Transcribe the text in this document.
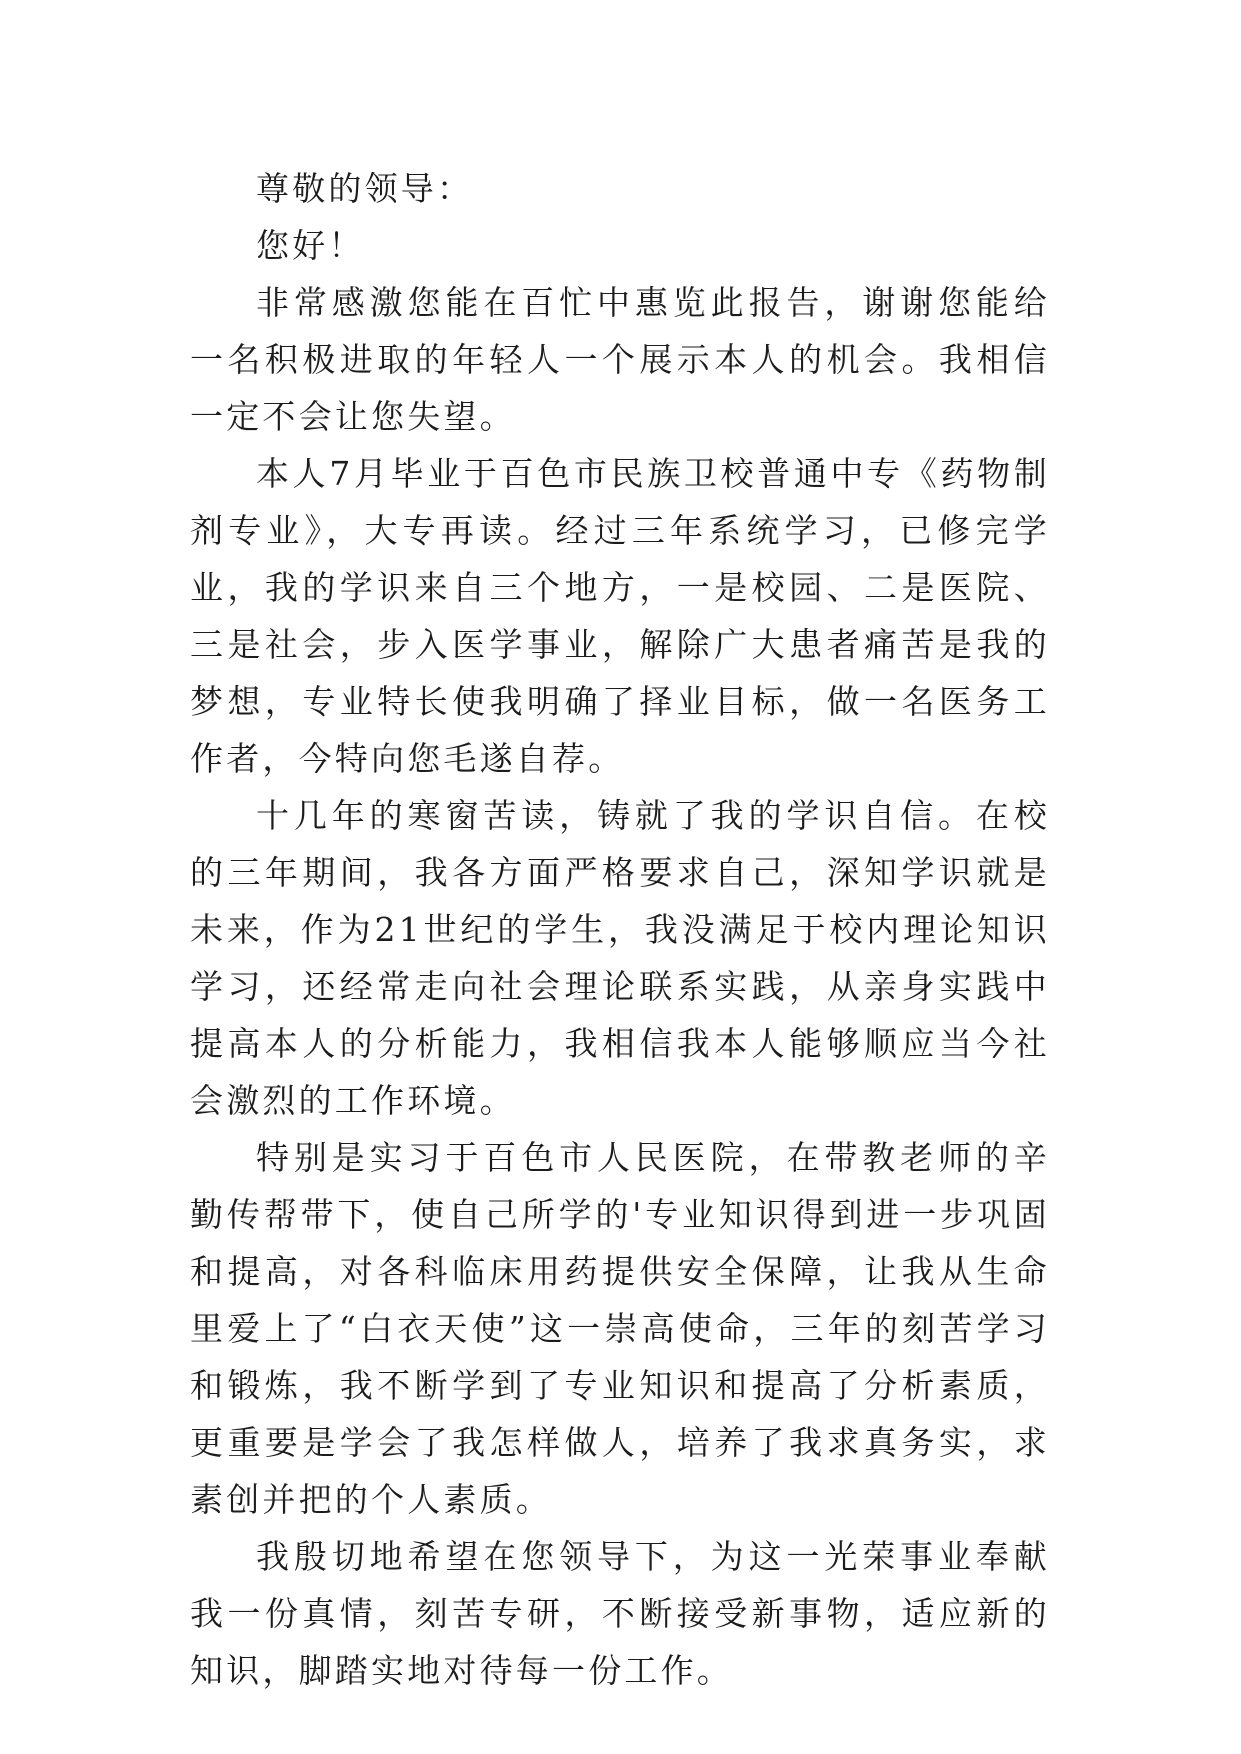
尊敬的领导：

您好！

非常感激您能在百忙中惠览此报告，谢谢您能给一名积极进取的年轻人一个展示本人的机会。我相信一定不会让您失望。

本人7月毕业于百色市民族卫校普通中专《药物制剂专业》，大专再读。经过三年系统学习，已修完学业，我的学识来自三个地方，一是校园、二是医院、三是社会，步入医学事业，解除广大患者痛苦是我的梦想，专业特长使我明确了择业目标，做一名医务工作者，今特向您毛遂自荐。

十几年的寒窗苦读，铸就了我的学识自信。在校的三年期间，我各方面严格要求自己，深知学识就是未来，作为21世纪的学生，我没满足于校内理论知识学习，还经常走向社会理论联系实践，从亲身实践中提高本人的分析能力，我相信我本人能够顺应当今社会激烈的工作环境。

特别是实习于百色市人民医院，在带教老师的辛勤传帮带下，使自己所学的'专业知识得到进一步巩固和提高，对各科临床用药提供安全保障，让我从生命里爱上了“白衣天使”这一崇高使命，三年的刻苦学习和锻炼，我不断学到了专业知识和提高了分析素质，更重要是学会了我怎样做人，培养了我求真务实，求素创并把的个人素质。

我殷切地希望在您领导下，为这一光荣事业奉献我一份真情，刻苦专研，不断接受新事物，适应新的知识，脚踏实地对待每一份工作。
